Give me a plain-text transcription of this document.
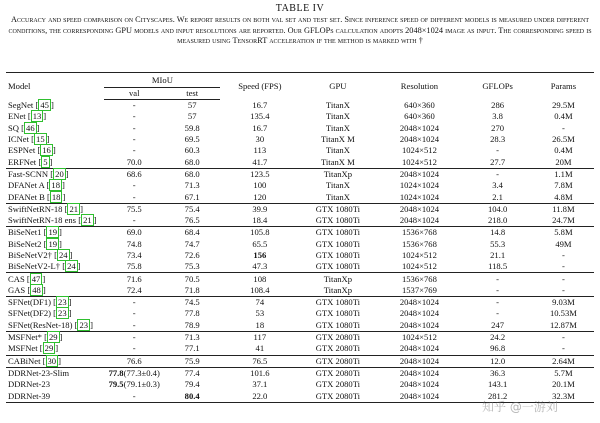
TABLE IV
Accuracy and speed comparison on Cityscapes. We report results on both val set and test set. Since inference speed of different models is measured under different conditions, the corresponding GPU models and input resolutions are reported. Our GFLOPs calculation adopts 2048×1024 image as input. The corresponding speed is measured using TensorRT acceleration if the method is marked with †
Model	MIoU		Speed (FPS)	GPU	Resolution	GFLOPs	Params
	val	test					
SegNet [ 45 ]	-	57	16.7	TitanX	640×360	286	29.5M
ENet [ 13 ]	-	57	135.4	TitanX	640×360	3.8	0.4M
SQ [ 46 ]	-	59.8	16.7	TitanX	2048×1024	270	-
ICNet [ 15 ]	-	69.5	30	TitanX M	2048×1024	28.3	26.5M
ESPNet [ 16 ]	-	60.3	113	TitanX	1024×512	-	0.4M
ERFNet [ 5 ]	70.0	68.0	41.7	TitanX M	1024×512	27.7	20M
Fast-SCNN [ 20 ]	68.6	68.0	123.5	TitanXp	2048×1024	-	1.1M
DFANet A [ 18 ]	-	71.3	100	TitanX	1024×1024	3.4	7.8M
DFANet B [ 18 ]	-	67.1	120	TitanX	1024×1024	2.1	4.8M
SwiftNetRN-18 [ 21 ]	75.5	75.4	39.9	GTX 1080Ti	2048×1024	104.0	11.8M
SwiftNetRN-18 ens [ 21 ]	-	76.5	18.4	GTX 1080Ti	2048×1024	218.0	24.7M
BiSeNet1 [ 19 ]	69.0	68.4	105.8	GTX 1080Ti	1536×768	14.8	5.8M
BiSeNet2 [ 19 ]	74.8	74.7	65.5	GTX 1080Ti	1536×768	55.3	49M
BiSeNetV2† [ 24 ]	73.4	72.6	156	GTX 1080Ti	1024×512	21.1	-
BiSeNetV2-L† [ 24 ]	75.8	75.3	47.3	GTX 1080Ti	1024×512	118.5	-
CAS [ 47 ]	71.6	70.5	108	TitanXp	1536×768	-	-
GAS [ 48 ]	72.4	71.8	108.4	TitanXp	1537×769	-	-
SFNet(DF1) [ 23 ]	-	74.5	74	GTX 1080Ti	2048×1024	-	9.03M
SFNet(DF2) [ 23 ]	-	77.8	53	GTX 1080Ti	2048×1024	-	10.53M
SFNet(ResNet-18) [ 23 ]	-	78.9	18	GTX 1080Ti	2048×1024	247	12.87M
MSFNet* [ 29 ]	-	71.3	117	GTX 2080Ti	1024×512	24.2	-
MSFNet [ 29 ]	-	77.1	41	GTX 2080Ti	2048×1024	96.8	-
CABiNet [ 30 ]	76.6	75.9	76.5	GTX 2080Ti	2048×1024	12.0	2.64M
DDRNet-23-Slim	77.8(77.3±0.4)	77.4	101.6	GTX 2080Ti	2048×1024	36.3	5.7M
DDRNet-23	79.5(79.1±0.3)	79.4	37.1	GTX 2080Ti	2048×1024	143.1	20.1M
DDRNet-39	-	80.4	22.0	GTX 2080Ti	2048×1024	281.2	32.3M
知乎 @一游刘
